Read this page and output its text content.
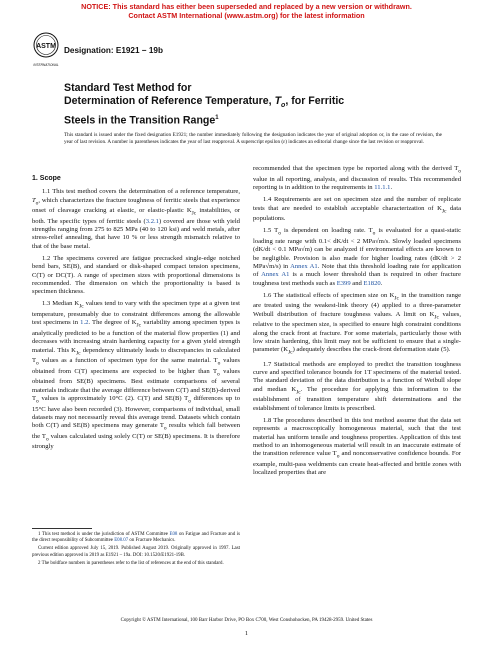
NOTICE: This standard has either been superseded and replaced by a new version or withdrawn.
Contact ASTM International (www.astm.org) for the latest information
ASTM
INTERNATIONAL
Designation: E1921 − 19b
Standard Test Method for
Determination of Reference Temperature, $T_o$, for Ferritic
Steels in the Transition Range$^1$
This standard is issued under the fixed designation E1921; the number immediately following the designation indicates the year of original adoption or, in the case of revision, the year of last revision. A number in parentheses indicates the year of last reapproval. A superscript epsilon (ε) indicates an editorial change since the last revision or reapproval.
1. Scope

1.1 This test method covers the determination of a reference temperature, $T_o$, which characterizes the fracture toughness of ferritic steels that experience onset of cleavage cracking at elastic, or elastic-plastic $K_{Jc}$ instabilities, or both. The specific types of ferritic steels (3.2.1) covered are those with yield strengths ranging from 275 to 825 MPa (40 to 120 ksi) and weld metals, after stress-relief annealing, that have 10 % or less strength mismatch relative to that of the base metal.

1.2 The specimens covered are fatigue precracked single-edge notched bend bars, SE(B), and standard or disk-shaped compact tension specimens, C(T) or DC(T). A range of specimen sizes with proportional dimensions is recommended. The dimension on which the proportionality is based is specimen thickness.

1.3 Median $K_{Jc}$ values tend to vary with the specimen type at a given test temperature, presumably due to constraint differences among the allowable test specimens in 1.2. The degree of $K_{Jc}$ variability among specimen types is analytically predicted to be a function of the material flow properties (1) and decreases with increasing strain hardening capacity for a given yield strength material. This $K_{Jc}$ dependency ultimately leads to discrepancies in calculated $T_o$ values as a function of specimen type for the same material. $T_o$ values obtained from C(T) specimens are expected to be higher than $T_o$ values obtained from SE(B) specimens. Best estimate comparisons of several materials indicate that the average difference between C(T) and SE(B)-derived $T_o$ values is approximately 10°C (2). C(T) and SE(B) $T_o$ differences up to 15°C have also been recorded (3). However, comparisons of individual, small datasets may not necessarily reveal this average trend. Datasets which contain both C(T) and SE(B) specimens may generate $T_o$ results which fall between the $T_o$ values calculated using solely C(T) or SE(B) specimens. It is therefore strongly

1 This test method is under the jurisdiction of ASTM Committee E08 on Fatigue and Fracture and is the direct responsibility of Subcommittee E08.07 on Fracture Mechanics.

Current edition approved July 15, 2019. Published August 2019. Originally approved in 1997. Last previous edition approved in 2019 as E1921 – 19a. DOI: 10.1520/E1921-19B.

2 The boldface numbers in parentheses refer to the list of references at the end of this standard.

recommended that the specimen type be reported along with the derived $T_o$ value in all reporting, analysis, and discussion of results. This recommended reporting is in addition to the requirements in 11.1.1.

1.4 Requirements are set on specimen size and the number of replicate tests that are needed to establish acceptable characterization of $K_{Jc}$ data populations.

1.5 $T_o$ is dependent on loading rate. $T_o$ is evaluated for a quasi-static loading rate range with 0.1< dK/dt < 2 MPa√m/s. Slowly loaded specimens (dK/dt < 0.1 MPa√m) can be analyzed if environmental effects are known to be negligible. Provision is also made for higher loading rates (dK/dt > 2 MPa√m/s) in Annex A1. Note that this threshold loading rate for application of Annex A1 is a much lower threshold than is required in other fracture toughness test methods such as E399 and E1820.

1.6 The statistical effects of specimen size on $K_{Jc}$ in the transition range are treated using the weakest-link theory (4) applied to a three-parameter Weibull distribution of fracture toughness values. A limit on $K_{Jc}$ values, relative to the specimen size, is specified to ensure high constraint conditions along the crack front at fracture. For some materials, particularly those with low strain hardening, this limit may not be sufficient to ensure that a single-parameter $(K_{Jc})$ adequately describes the crack-front deformation state (5).

1.7 Statistical methods are employed to predict the transition toughness curve and specified tolerance bounds for 1T specimens of the material tested. The standard deviation of the data distribution is a function of Weibull slope and median $K_{Jc}$. The procedure for applying this information to the establishment of transition temperature shift determinations and the establishment of tolerance limits is prescribed.

1.8 The procedures described in this test method assume that the data set represents a macroscopically homogeneous material, such that the test material has uniform tensile and toughness properties. Application of this test method to an inhomogeneous material will result in an inaccurate estimate of the transition reference value $T_o$ and nonconservative confidence bounds. For example, multi-pass weldments can create heat-affected and brittle zones with localized properties that are

Copyright © ASTM International, 100 Barr Harbor Drive, PO Box C700, West Conshohocken, PA 19428-2959. United States
1
